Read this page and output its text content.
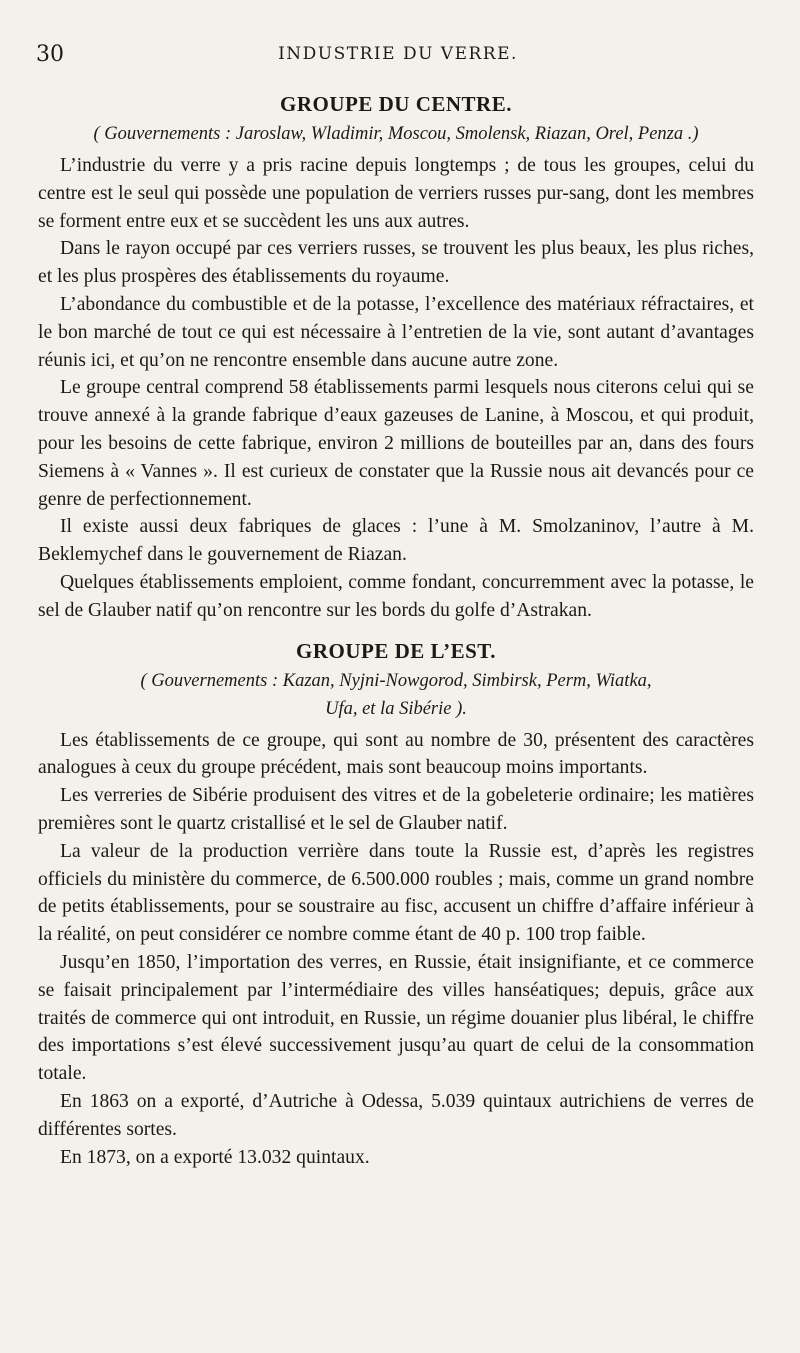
30	INDUSTRIE DU VERRE.
GROUPE DU CENTRE.

( Gouvernements : Jaroslaw, Wladimir, Moscou, Smolensk, Riazan, Orel, Penza .)

L’industrie du verre y a pris racine depuis longtemps ; de tous les groupes, celui du centre est le seul qui possède une population de verriers russes pur-sang, dont les membres se forment entre eux et se succèdent les uns aux autres.

Dans le rayon occupé par ces verriers russes, se trouvent les plus beaux, les plus riches, et les plus prospères des établissements du royaume.

L’abondance du combustible et de la potasse, l’excellence des matériaux réfractaires, et le bon marché de tout ce qui est nécessaire à l’entretien de la vie, sont autant d’avantages réunis ici, et qu’on ne rencontre ensemble dans aucune autre zone.

Le groupe central comprend 58 établissements parmi lesquels nous citerons celui qui se trouve annexé à la grande fabrique d’eaux gazeuses de Lanine, à Moscou, et qui produit, pour les besoins de cette fabrique, environ 2 millions de bouteilles par an, dans des fours Siemens à « Vannes ». Il est curieux de constater que la Russie nous ait devancés pour ce genre de perfectionnement.

Il existe aussi deux fabriques de glaces : l’une à M. Smolzaninov, l’autre à M. Beklemychef dans le gouvernement de Riazan.

Quelques établissements emploient, comme fondant, concurremment avec la potasse, le sel de Glauber natif qu’on rencontre sur les bords du golfe d’Astrakan.

GROUPE DE L’EST.

( Gouvernements : Kazan, Nyjni-Nowgorod, Simbirsk, Perm, Wiatka,

Ufa, et la Sibérie ).

Les établissements de ce groupe, qui sont au nombre de 30, présentent des caractères analogues à ceux du groupe précédent, mais sont beaucoup moins importants.

Les verreries de Sibérie produisent des vitres et de la gobeleterie ordinaire; les matières premières sont le quartz cristallisé et le sel de Glauber natif.

La valeur de la production verrière dans toute la Russie est, d’après les registres officiels du ministère du commerce, de 6.500.000 roubles ; mais, comme un grand nombre de petits établissements, pour se soustraire au fisc, accusent un chiffre d’affaire inférieur à la réalité, on peut considérer ce nombre comme étant de 40 p. 100 trop faible.

Jusqu’en 1850, l’importation des verres, en Russie, était insignifiante, et ce commerce se faisait principalement par l’intermédiaire des villes hanséatiques; depuis, grâce aux traités de commerce qui ont introduit, en Russie, un régime douanier plus libéral, le chiffre des importations s’est élevé successivement jusqu’au quart de celui de la consommation totale.

En 1863 on a exporté, d’Autriche à Odessa, 5.039 quintaux autrichiens de verres de différentes sortes.

En 1873, on a exporté 13.032 quintaux.
